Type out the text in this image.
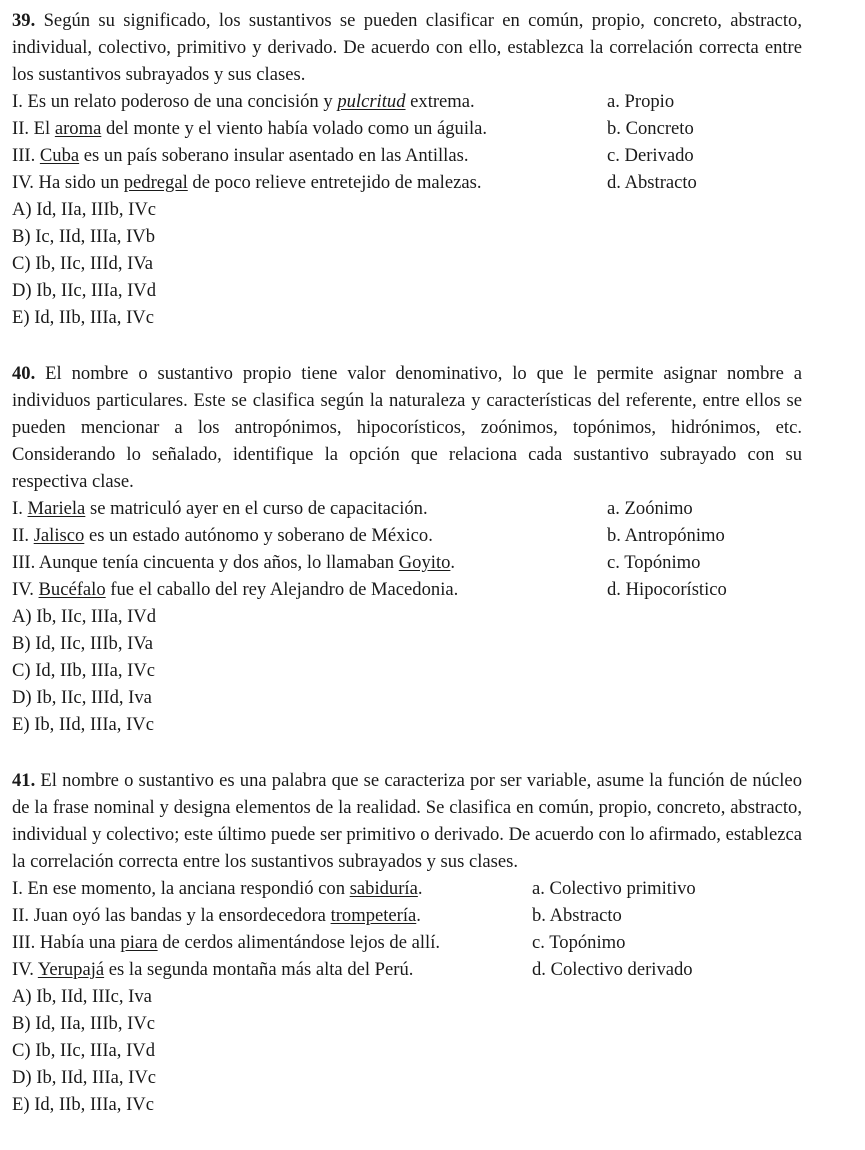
39. Según su significado, los sustantivos se pueden clasificar en común, propio, concreto, abstracto, individual, colectivo, primitivo y derivado. De acuerdo con ello, establezca la correlación correcta entre los sustantivos subrayados y sus clases.

I. Es un relato poderoso de una concisión y pulcritud extrema.	a. Propio
II. El aroma del monte y el viento había volado como un águila.	b. Concreto
III. Cuba es un país soberano insular asentado en las Antillas.	c. Derivado
IV. Ha sido un pedregal de poco relieve entretejido de malezas.	d. Abstracto
A) Id, IIa, IIIb, IVc
B) Ic, IId, IIIa, IVb
C) Ib, IIc, IIId, IVa
D) Ib, IIc, IIIa, IVd
E) Id, IIb, IIIa, IVc

40. El nombre o sustantivo propio tiene valor denominativo, lo que le permite asignar nombre a individuos particulares. Este se clasifica según la naturaleza y características del referente, entre ellos se pueden mencionar a los antropónimos, hipocorísticos, zoónimos, topónimos, hidrónimos, etc. Considerando lo señalado, identifique la opción que relaciona cada sustantivo subrayado con su respectiva clase.

I. Mariela se matriculó ayer en el curso de capacitación.	a. Zoónimo
II. Jalisco es un estado autónomo y soberano de México.	b. Antropónimo
III. Aunque tenía cincuenta y dos años, lo llamaban Goyito.	c. Topónimo
IV. Bucéfalo fue el caballo del rey Alejandro de Macedonia.	d. Hipocorístico
A) Ib, IIc, IIIa, IVd
B) Id, IIc, IIIb, IVa
C) Id, IIb, IIIa, IVc
D) Ib, IIc, IIId, Iva
E) Ib, IId, IIIa, IVc

41. El nombre o sustantivo es una palabra que se caracteriza por ser variable, asume la función de núcleo de la frase nominal y designa elementos de la realidad. Se clasifica en común, propio, concreto, abstracto, individual y colectivo; este último puede ser primitivo o derivado. De acuerdo con lo afirmado, establezca la correlación correcta entre los sustantivos subrayados y sus clases.

I. En ese momento, la anciana respondió con sabiduría.	a. Colectivo primitivo
II. Juan oyó las bandas y la ensordecedora trompetería.	b. Abstracto
III. Había una piara de cerdos alimentándose lejos de allí.	c. Topónimo
IV. Yerupajá es la segunda montaña más alta del Perú.	d. Colectivo derivado
A) Ib, IId, IIIc, Iva
B) Id, IIa, IIIb, IVc
C) Ib, IIc, IIIa, IVd
D) Ib, IId, IIIa, IVc
E) Id, IIb, IIIa, IVc
